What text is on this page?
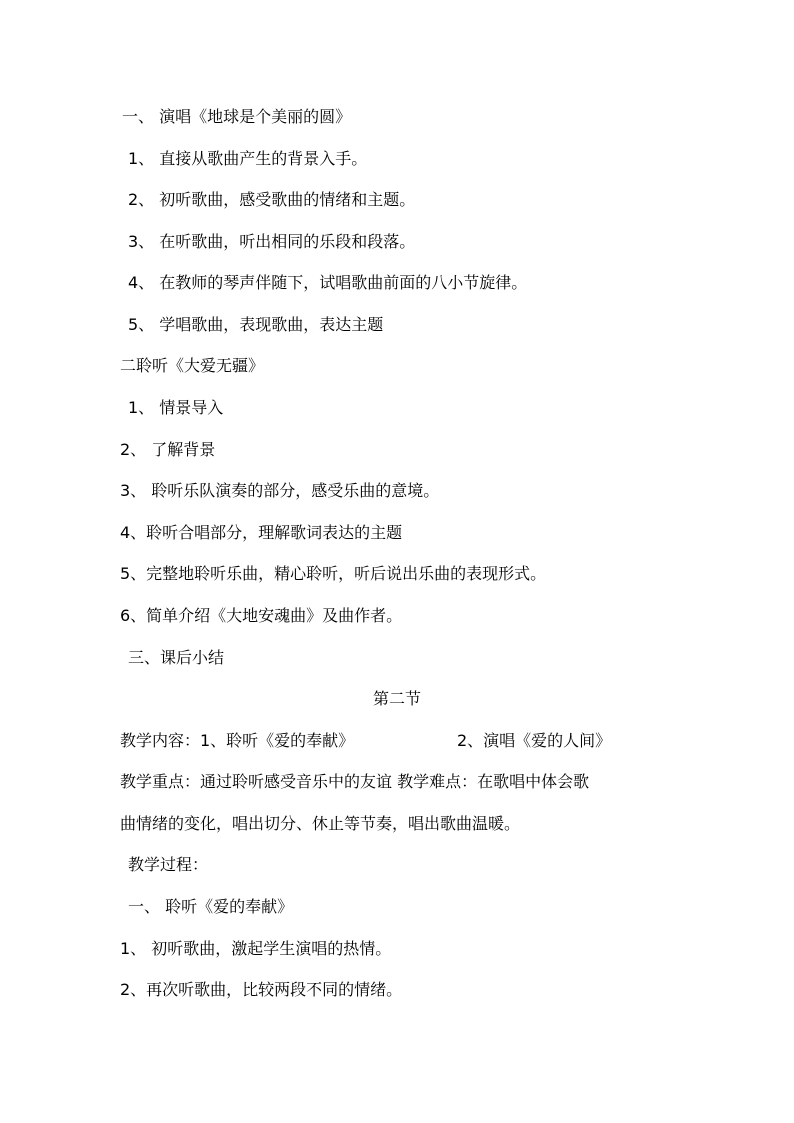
一、 演唱《地球是个美丽的圆》
1、 直接从歌曲产生的背景入手。
2、 初听歌曲，感受歌曲的情绪和主题。
3、 在听歌曲，听出相同的乐段和段落。
4、 在教师的琴声伴随下，试唱歌曲前面的八小节旋律。
5、 学唱歌曲，表现歌曲，表达主题
二聆听《大爱无疆》
1、 情景导入
2、 了解背景
3、 聆听乐队演奏的部分，感受乐曲的意境。
4、聆听合唱部分，理解歌词表达的主题
5、完整地聆听乐曲，精心聆听，听后说出乐曲的表现形式。
6、简单介绍《大地安魂曲》及曲作者。
三、课后小结
第二节
教学内容：1、聆听《爱的奉献》	2、演唱《爱的人间》
教学重点：通过聆听感受音乐中的友谊 教学难点：在歌唱中体会歌
曲情绪的变化，唱出切分、休止等节奏，唱出歌曲温暖。
教学过程：
一、 聆听《爱的奉献》
1、 初听歌曲，激起学生演唱的热情。
2、再次听歌曲，比较两段不同的情绪。
